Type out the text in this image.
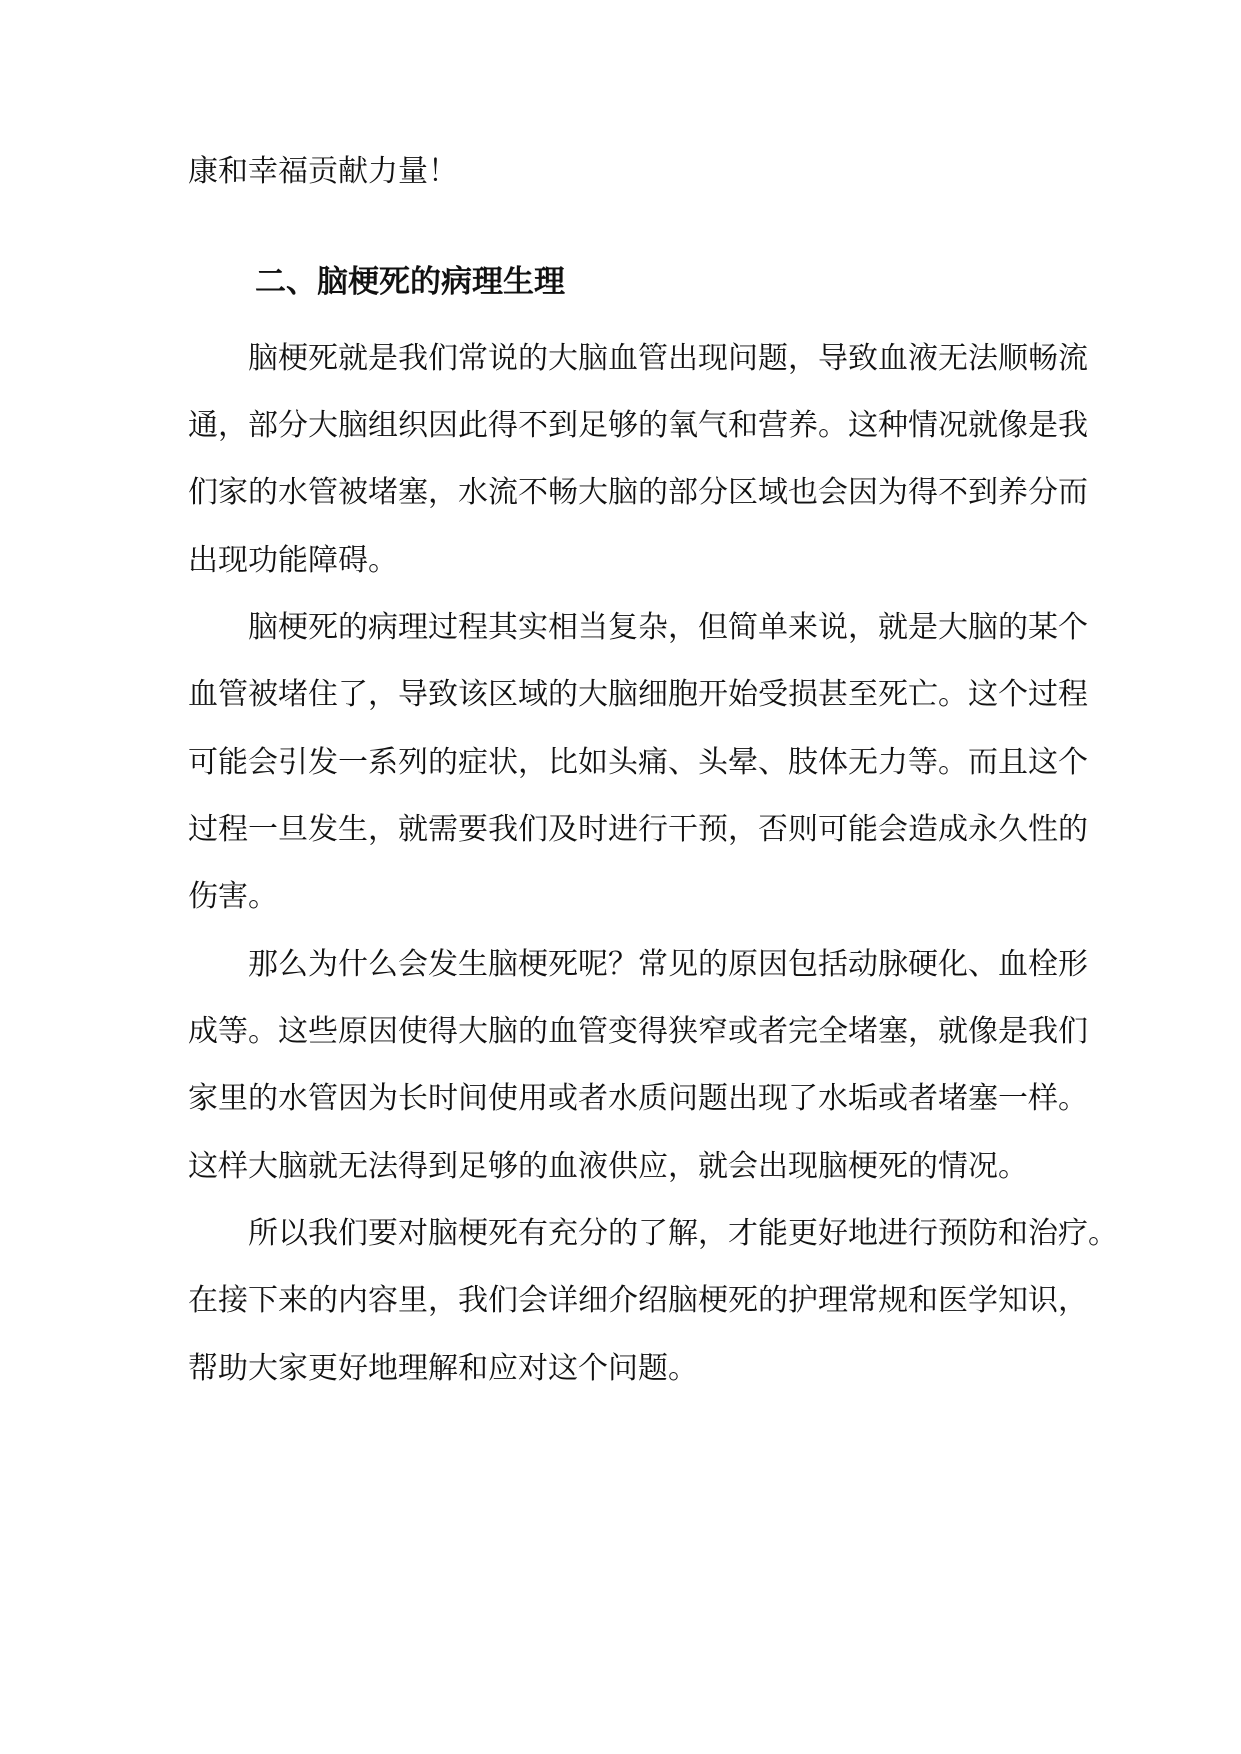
康和幸福贡献力量！
二、脑梗死的病理生理
脑梗死就是我们常说的大脑血管出现问题，导致血液无法顺畅流
通，部分大脑组织因此得不到足够的氧气和营养。这种情况就像是我
们家的水管被堵塞，水流不畅大脑的部分区域也会因为得不到养分而
出现功能障碍。
脑梗死的病理过程其实相当复杂，但简单来说，就是大脑的某个
血管被堵住了，导致该区域的大脑细胞开始受损甚至死亡。这个过程
可能会引发一系列的症状，比如头痛、头晕、肢体无力等。而且这个
过程一旦发生，就需要我们及时进行干预，否则可能会造成永久性的
伤害。
那么为什么会发生脑梗死呢？常见的原因包括动脉硬化、血栓形
成等。这些原因使得大脑的血管变得狭窄或者完全堵塞，就像是我们
家里的水管因为长时间使用或者水质问题出现了水垢或者堵塞一样。
这样大脑就无法得到足够的血液供应，就会出现脑梗死的情况。
所以我们要对脑梗死有充分的了解，才能更好地进行预防和治疗。
在接下来的内容里，我们会详细介绍脑梗死的护理常规和医学知识，
帮助大家更好地理解和应对这个问题。
